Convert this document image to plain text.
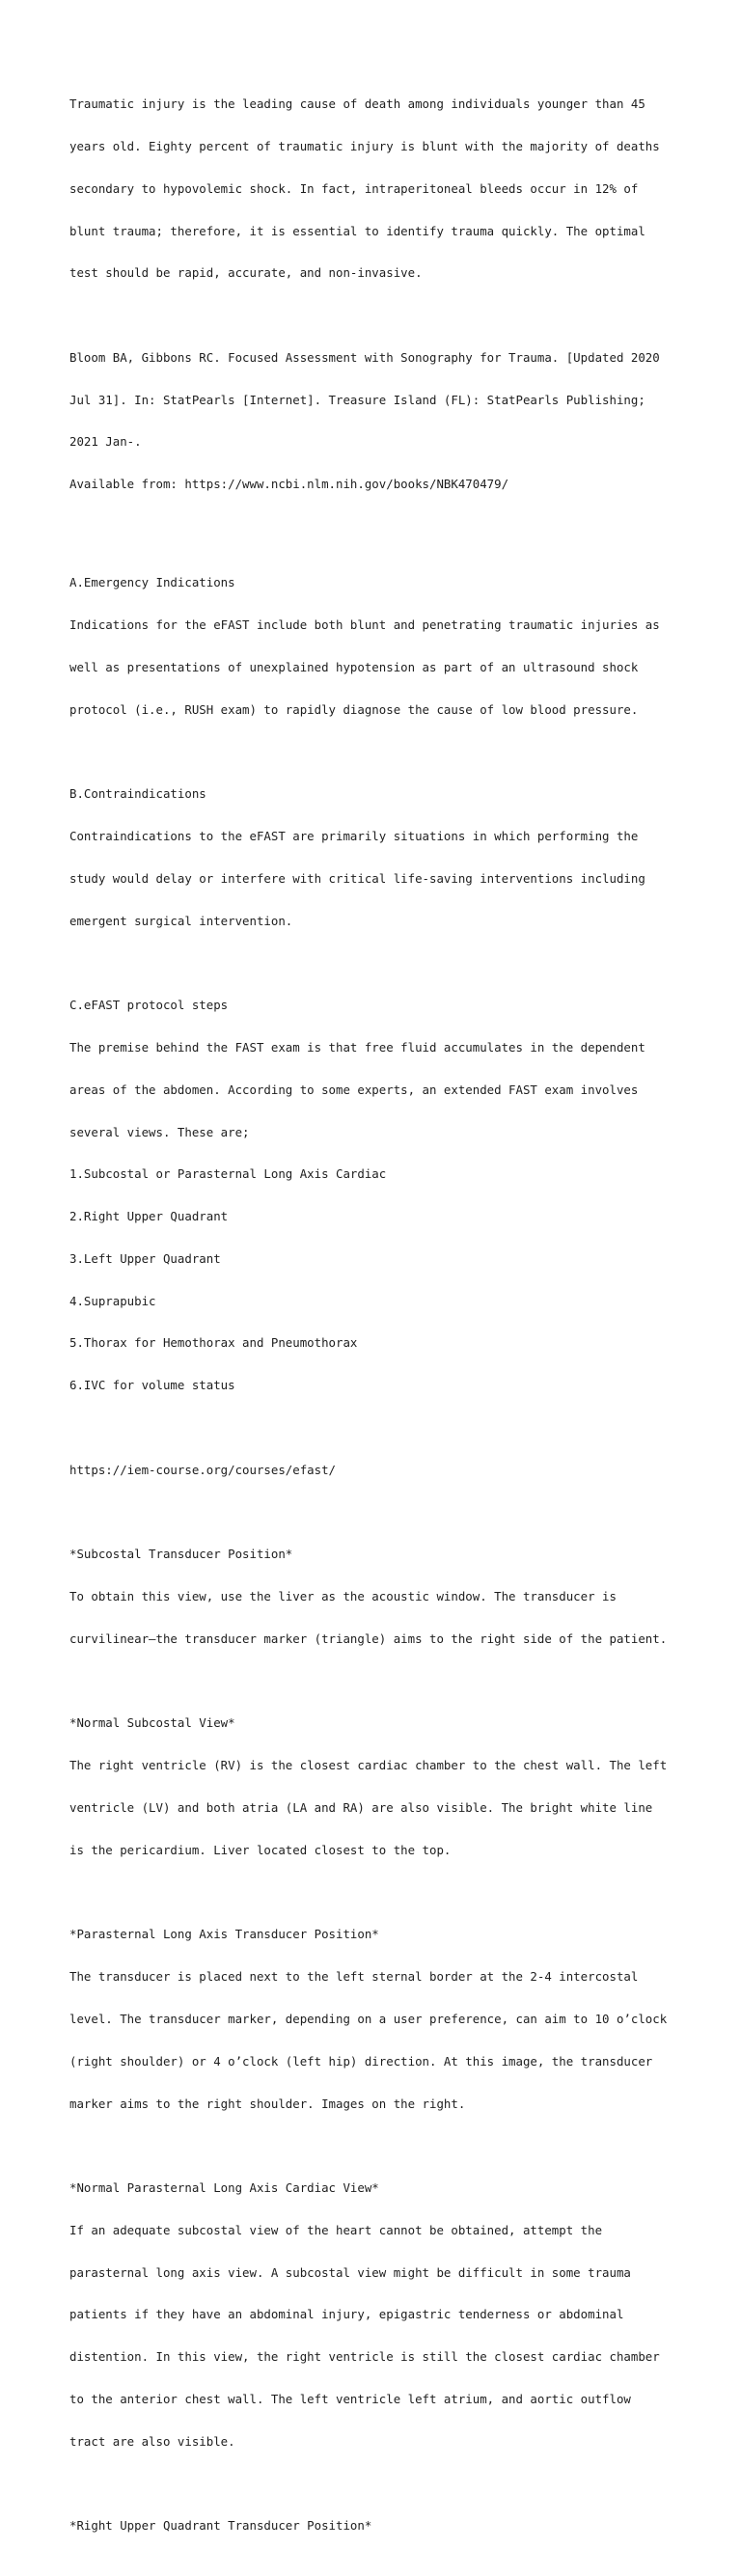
Traumatic injury is the leading cause of death among individuals younger than 45

years old. Eighty percent of traumatic injury is blunt with the majority of deaths

secondary to hypovolemic shock. In fact, intraperitoneal bleeds occur in 12% of

blunt trauma; therefore, it is essential to identify trauma quickly. The optimal

test should be rapid, accurate, and non-invasive.

Bloom BA, Gibbons RC. Focused Assessment with Sonography for Trauma. [Updated 2020

Jul 31]. In: StatPearls [Internet]. Treasure Island (FL): StatPearls Publishing;

2021 Jan-.

Available from: https://www.ncbi.nlm.nih.gov/books/NBK470479/

A.Emergency Indications

Indications for the eFAST include both blunt and penetrating traumatic injuries as

well as presentations of unexplained hypotension as part of an ultrasound shock

protocol (i.e., RUSH exam) to rapidly diagnose the cause of low blood pressure.

B.Contraindications

Contraindications to the eFAST are primarily situations in which performing the

study would delay or interfere with critical life-saving interventions including

emergent surgical intervention.

C.eFAST protocol steps

The premise behind the FAST exam is that free fluid accumulates in the dependent

areas of the abdomen. According to some experts, an extended FAST exam involves

several views. These are;

1.Subcostal or Parasternal Long Axis Cardiac

2.Right Upper Quadrant

3.Left Upper Quadrant

4.Suprapubic

5.Thorax for Hemothorax and Pneumothorax

6.IVC for volume status

https://iem-course.org/courses/efast/

*Subcostal Transducer Position*

To obtain this view, use the liver as the acoustic window. The transducer is

curvilinear—the transducer marker (triangle) aims to the right side of the patient.

*Normal Subcostal View*

The right ventricle (RV) is the closest cardiac chamber to the chest wall. The left

ventricle (LV) and both atria (LA and RA) are also visible. The bright white line

is the pericardium. Liver located closest to the top.

*Parasternal Long Axis Transducer Position*

The transducer is placed next to the left sternal border at the 2-4 intercostal

level. The transducer marker, depending on a user preference, can aim to 10 o’clock

(right shoulder) or 4 o’clock (left hip) direction. At this image, the transducer

marker aims to the right shoulder. Images on the right.

*Normal Parasternal Long Axis Cardiac View*

If an adequate subcostal view of the heart cannot be obtained, attempt the

parasternal long axis view. A subcostal view might be difficult in some trauma

patients if they have an abdominal injury, epigastric tenderness or abdominal

distention. In this view, the right ventricle is still the closest cardiac chamber

to the anterior chest wall. The left ventricle left atrium, and aortic outflow

tract are also visible.

*Right Upper Quadrant Transducer Position*
